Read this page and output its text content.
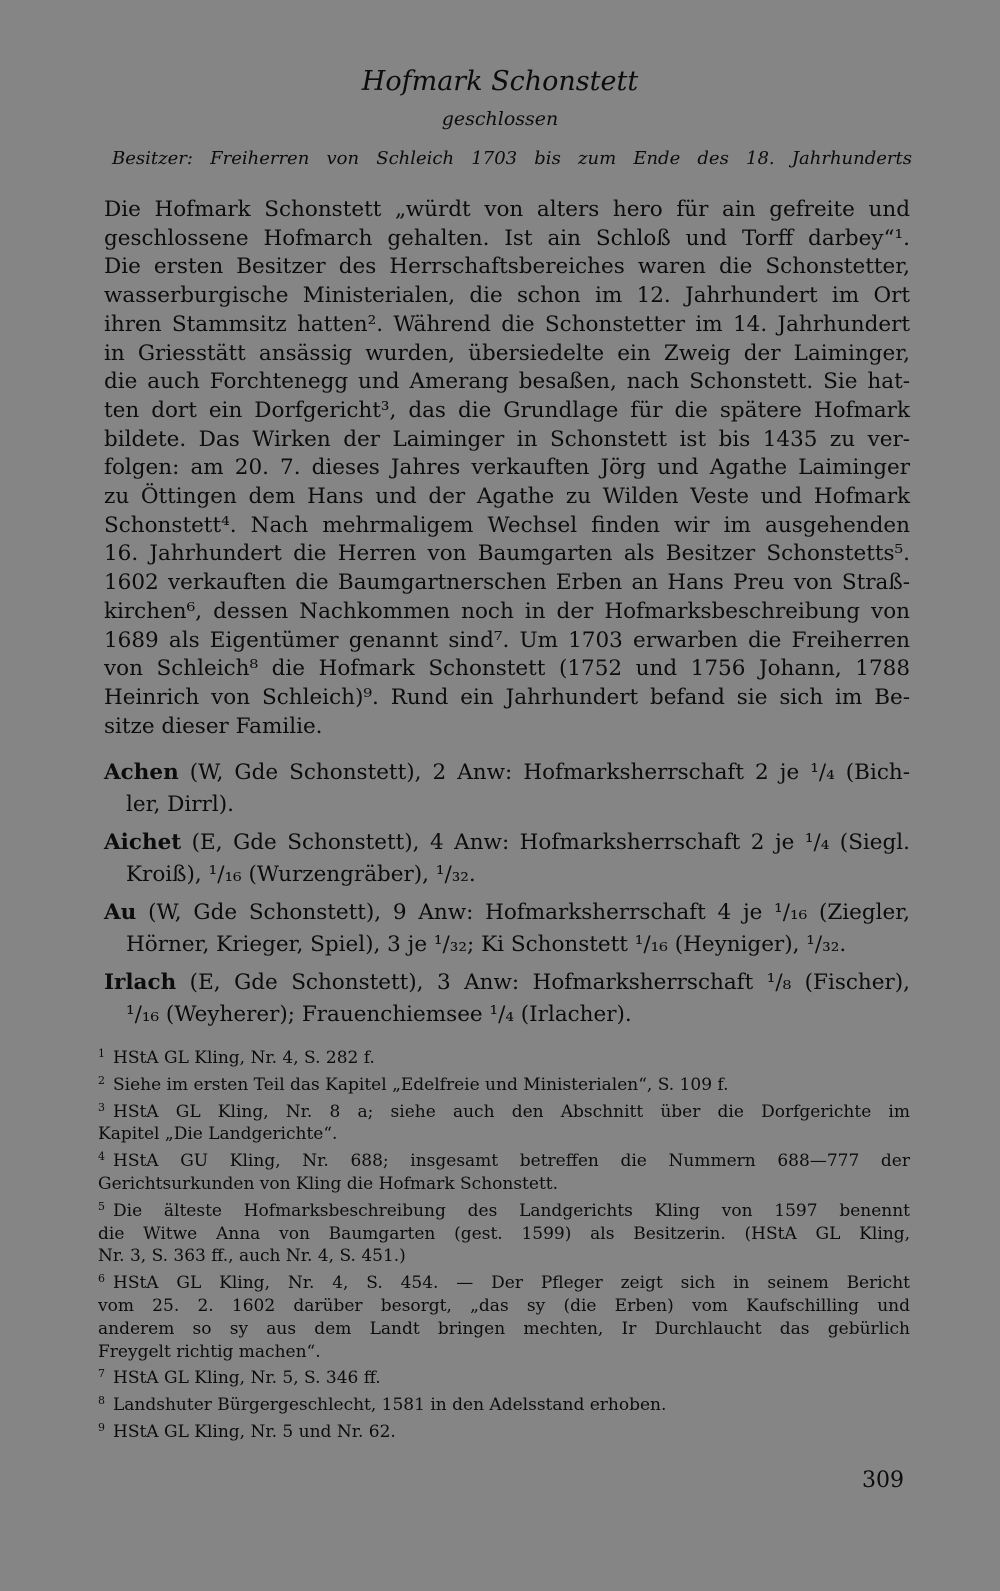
Hofmark Schonstett
geschlossen
Besitzer: Freiherren von Schleich 1703 bis zum Ende des 18. Jahrhunderts
Die Hofmark Schonstett „würdt von alters hero für ain gefreite und
geschlossene Hofmarch gehalten. Ist ain Schloß und Torff darbey“¹.
Die ersten Besitzer des Herrschaftsbereiches waren die Schonstetter,
wasserburgische Ministerialen, die schon im 12. Jahrhundert im Ort
ihren Stammsitz hatten². Während die Schonstetter im 14. Jahrhundert
in Griesstätt ansässig wurden, übersiedelte ein Zweig der Laiminger,
die auch Forchtenegg und Amerang besaßen, nach Schonstett. Sie hat-
ten dort ein Dorfgericht³, das die Grundlage für die spätere Hofmark
bildete. Das Wirken der Laiminger in Schonstett ist bis 1435 zu ver-
folgen: am 20. 7. dieses Jahres verkauften Jörg und Agathe Laiminger
zu Öttingen dem Hans und der Agathe zu Wilden Veste und Hofmark
Schonstett⁴. Nach mehrmaligem Wechsel finden wir im ausgehenden
16. Jahrhundert die Herren von Baumgarten als Besitzer Schonstetts⁵.
1602 verkauften die Baumgartnerschen Erben an Hans Preu von Straß-
kirchen⁶, dessen Nachkommen noch in der Hofmarksbeschreibung von
1689 als Eigentümer genannt sind⁷. Um 1703 erwarben die Freiherren
von Schleich⁸ die Hofmark Schonstett (1752 und 1756 Johann, 1788
Heinrich von Schleich)⁹. Rund ein Jahrhundert befand sie sich im Be-
sitze dieser Familie.
Achen (W, Gde Schonstett), 2 Anw: Hofmarksherrschaft 2 je ¹/₄ (Bich-
ler, Dirrl).
Aichet (E, Gde Schonstett), 4 Anw: Hofmarksherrschaft 2 je ¹/₄ (Siegl.
Kroiß), ¹/₁₆ (Wurzengräber), ¹/₃₂.
Au (W, Gde Schonstett), 9 Anw: Hofmarksherrschaft 4 je ¹/₁₆ (Ziegler,
Hörner, Krieger, Spiel), 3 je ¹/₃₂; Ki Schonstett ¹/₁₆ (Heyniger), ¹/₃₂.
Irlach (E, Gde Schonstett), 3 Anw: Hofmarksherrschaft ¹/₈ (Fischer),
¹/₁₆ (Weyherer); Frauenchiemsee ¹/₄ (Irlacher).
$^1$ HStA GL Kling, Nr. 4, S. 282 f.
$^2$ Siehe im ersten Teil das Kapitel „Edelfreie und Ministerialen“, S. 109 f.
$^3$ HStA GL Kling, Nr. 8 a; siehe auch den Abschnitt über die Dorfgerichte im
Kapitel „Die Landgerichte“.
$^4$ HStA GU Kling, Nr. 688; insgesamt betreffen die Nummern 688—777 der
Gerichtsurkunden von Kling die Hofmark Schonstett.
$^5$ Die älteste Hofmarksbeschreibung des Landgerichts Kling von 1597 benennt
die Witwe Anna von Baumgarten (gest. 1599) als Besitzerin. (HStA GL Kling,
Nr. 3, S. 363 ff., auch Nr. 4, S. 451.)
$^6$ HStA GL Kling, Nr. 4, S. 454. — Der Pfleger zeigt sich in seinem Bericht
vom 25. 2. 1602 darüber besorgt, „das sy (die Erben) vom Kaufschilling und
anderem so sy aus dem Landt bringen mechten, Ir Durchlaucht das gebürlich
Freygelt richtig machen“.
$^7$ HStA GL Kling, Nr. 5, S. 346 ff.
$^8$ Landshuter Bürgergeschlecht, 1581 in den Adelsstand erhoben.
$^9$ HStA GL Kling, Nr. 5 und Nr. 62.
309
